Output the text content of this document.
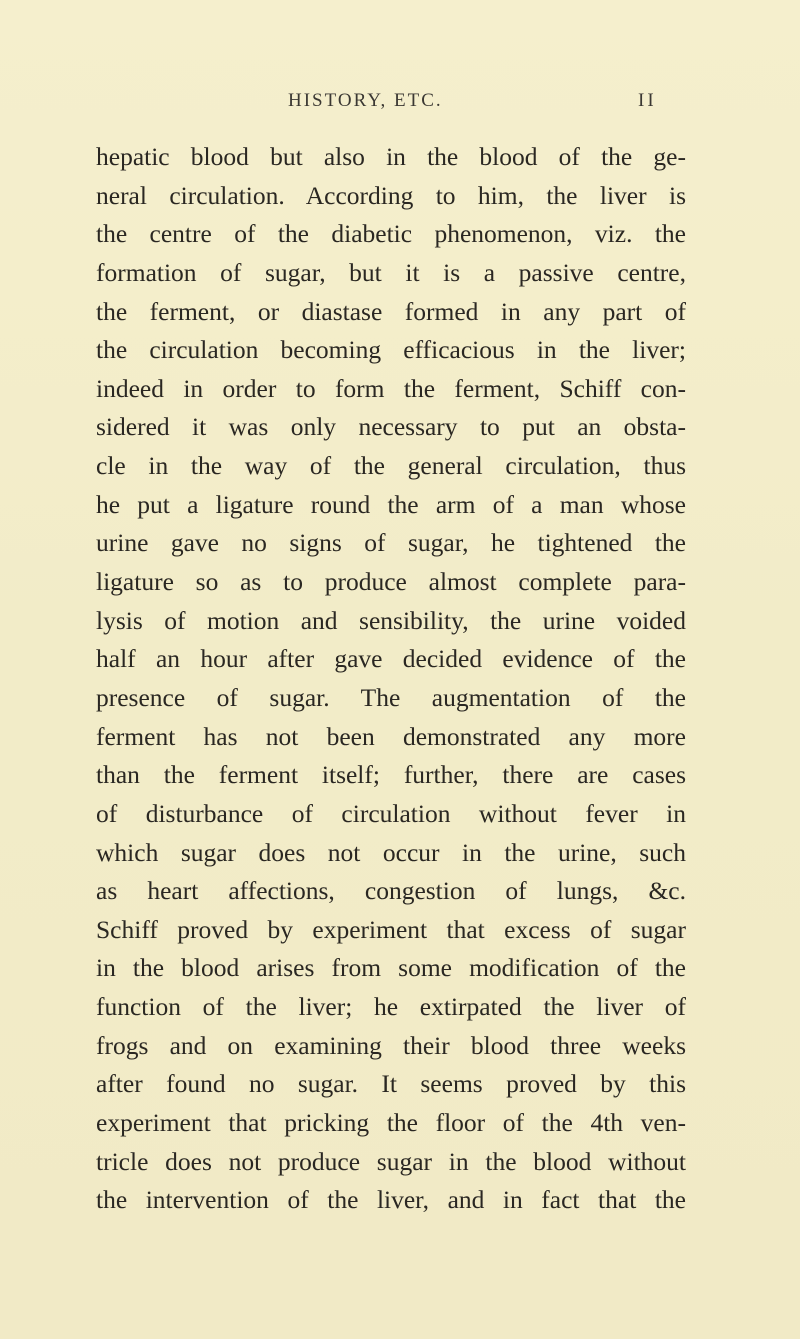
HISTORY, ETC.	II
hepatic blood but also in the blood of the ge-
neral circulation. According to him, the liver is
the centre of the diabetic phenomenon, viz. the
formation of sugar, but it is a passive centre,
the ferment, or diastase formed in any part of
the circulation becoming efficacious in the liver;
indeed in order to form the ferment, Schiff con-
sidered it was only necessary to put an obsta-
cle in the way of the general circulation, thus
he put a ligature round the arm of a man whose
urine gave no signs of sugar, he tightened the
ligature so as to produce almost complete para-
lysis of motion and sensibility, the urine voided
half an hour after gave decided evidence of the
presence of sugar. The augmentation of the
ferment has not been demonstrated any more
than the ferment itself; further, there are cases
of disturbance of circulation without fever in
which sugar does not occur in the urine, such
as heart affections, congestion of lungs, &c.
Schiff proved by experiment that excess of sugar
in the blood arises from some modification of the
function of the liver; he extirpated the liver of
frogs and on examining their blood three weeks
after found no sugar. It seems proved by this
experiment that pricking the floor of the 4th ven-
tricle does not produce sugar in the blood without
the intervention of the liver, and in fact that the
